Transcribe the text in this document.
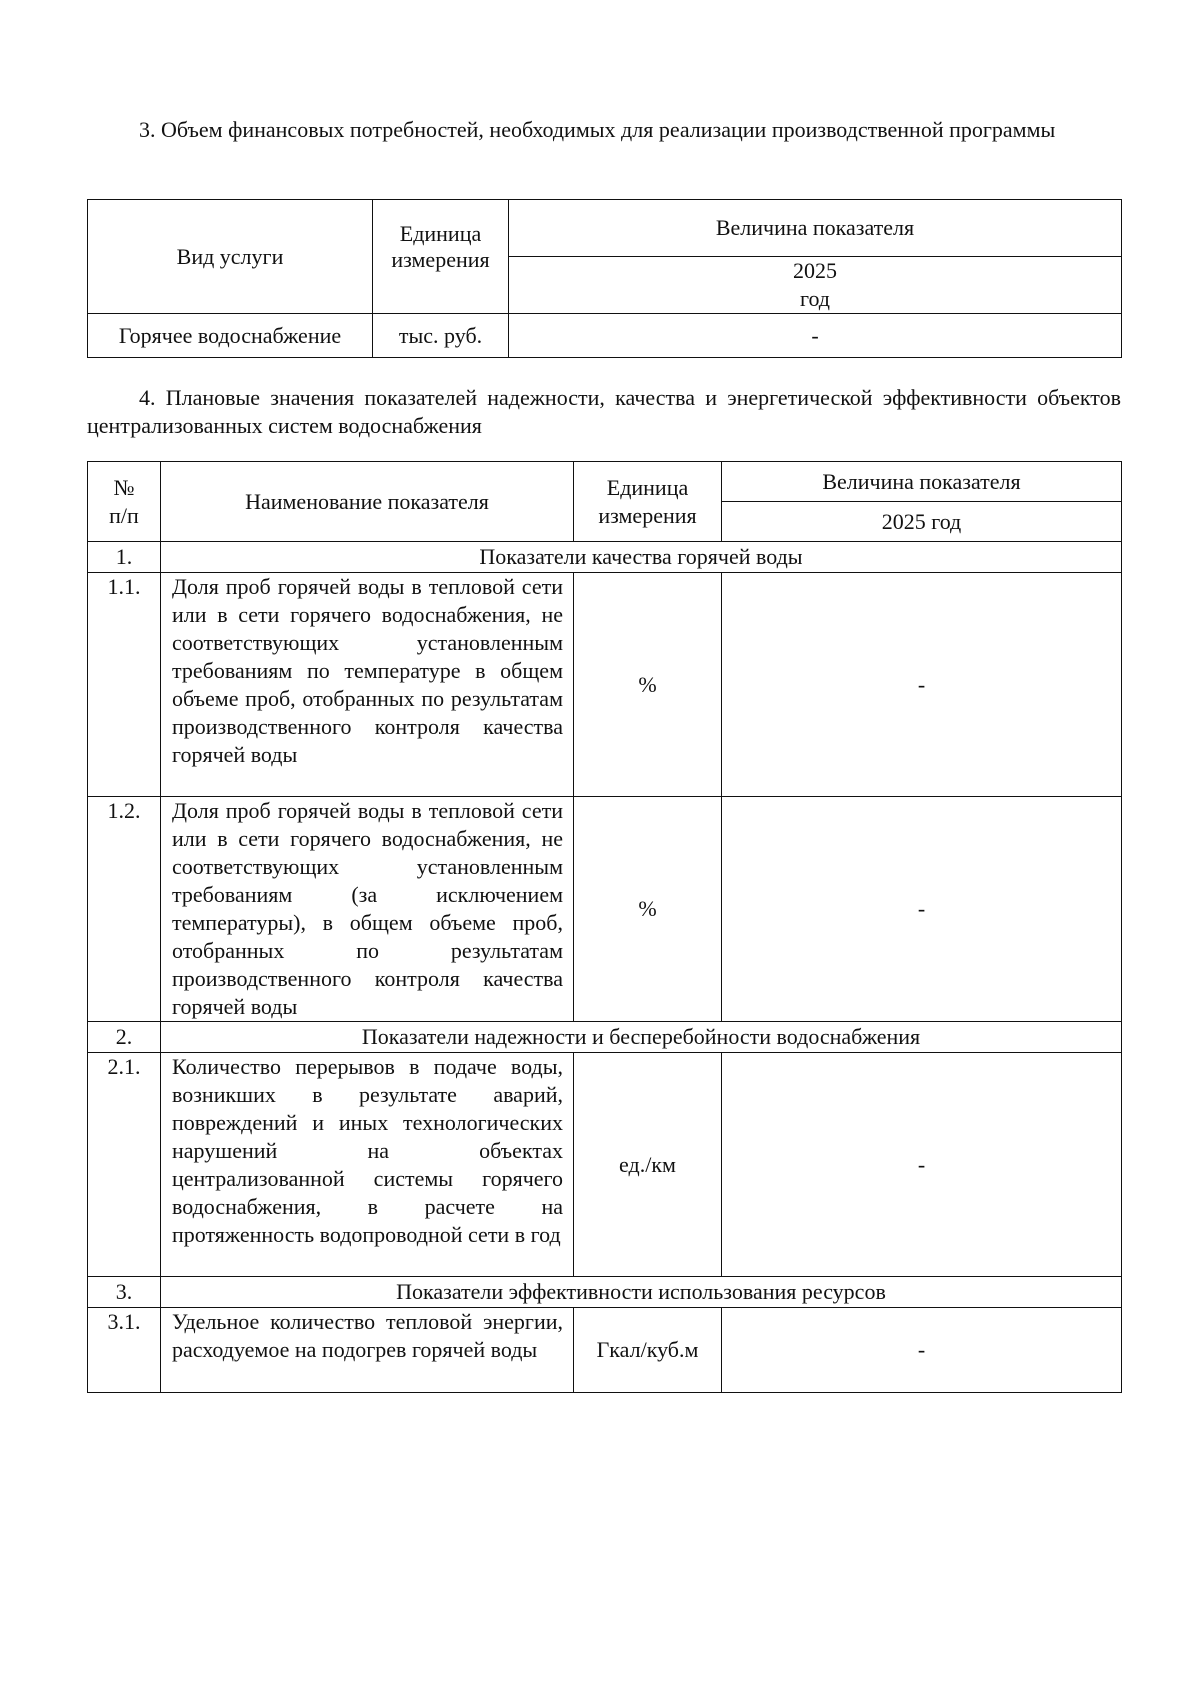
3. Объем финансовых потребностей, необходимых для реализации производственной программы
Вид услуги	Единица измерения	Величина показателя

		2025
год

Горячее водоснабжение	тыс. руб.	-
4. Плановые значения показателей надежности, качества и энергетической эффективности объектов централизованных систем водоснабжения
№
п/п	Наименование показателя	Единица измерения	Величина показателя
			2025 год
1.	Показатели качества горячей воды		
1.1.	Доля проб горячей воды в тепловой сети или в сети горячего водоснабжения, не соответствующих установленным требованиям по температуре в общем объеме проб, отобранных по результатам производственного контроля качества горячей воды	%	-
1.2.	Доля проб горячей воды в тепловой сети или в сети горячего водоснабжения, не соответствующих установленным требованиям (за исключением температуры), в общем объеме проб, отобранных по результатам производственного контроля качества горячей воды	%	-
2.	Показатели надежности и бесперебойности водоснабжения		
2.1.	Количество перерывов в подаче воды, возникших в результате аварий, повреждений и иных технологических нарушений на объектах централизованной системы горячего водоснабжения, в расчете на протяженность водопроводной сети в год	ед./км	-
3.	Показатели эффективности использования ресурсов		
3.1.	Удельное количество тепловой энергии, расходуемое на подогрев горячей воды	Гкал/куб.м	-
